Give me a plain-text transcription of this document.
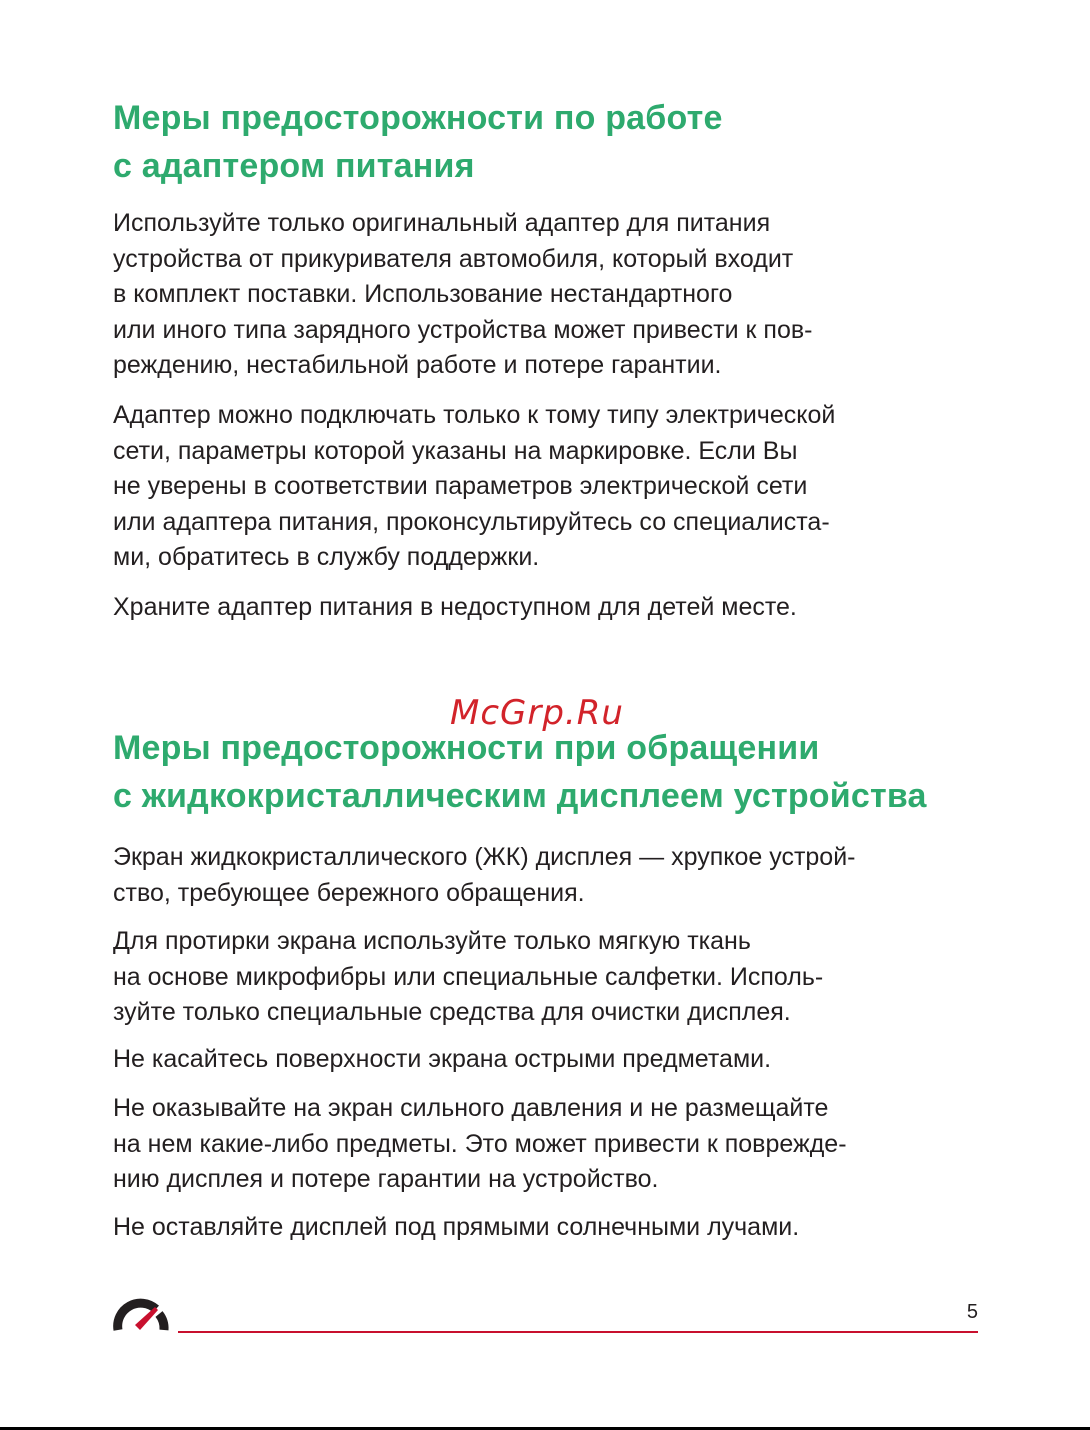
Меры предосторожности по работе
с адаптером питания

Используйте только оригинальный адаптер для питания
устройства от прикуривателя автомобиля, который входит
в комплект поставки. Использование нестандартного
или иного типа зарядного устройства может привести к пов-
реждению, нестабильной работе и потере гарантии.

Адаптер можно подключать только к тому типу электрической
сети, параметры которой указаны на маркировке. Если Вы
не уверены в соответствии параметров электрической сети
или адаптера питания, проконсультируйтесь со специалиста-
ми, обратитесь в службу поддержки.

Храните адаптер питания в недоступном для детей месте.

McGrp.Ru
Меры предосторожности при обращении
с жидкокристаллическим дисплеем устройства

Экран жидкокристаллического (ЖК) дисплея — хрупкое устрой-
ство, требующее бережного обращения.

Для протирки экрана используйте только мягкую ткань
на основе микрофибры или специальные салфетки. Исполь-
зуйте только специальные средства для очистки дисплея.

Не касайтесь поверхности экрана острыми предметами.

Не оказывайте на экран сильного давления и не размещайте
на нем какие-либо предметы. Это может привести к поврежде-
нию дисплея и потере гарантии на устройство.

Не оставляйте дисплей под прямыми солнечными лучами.

5
